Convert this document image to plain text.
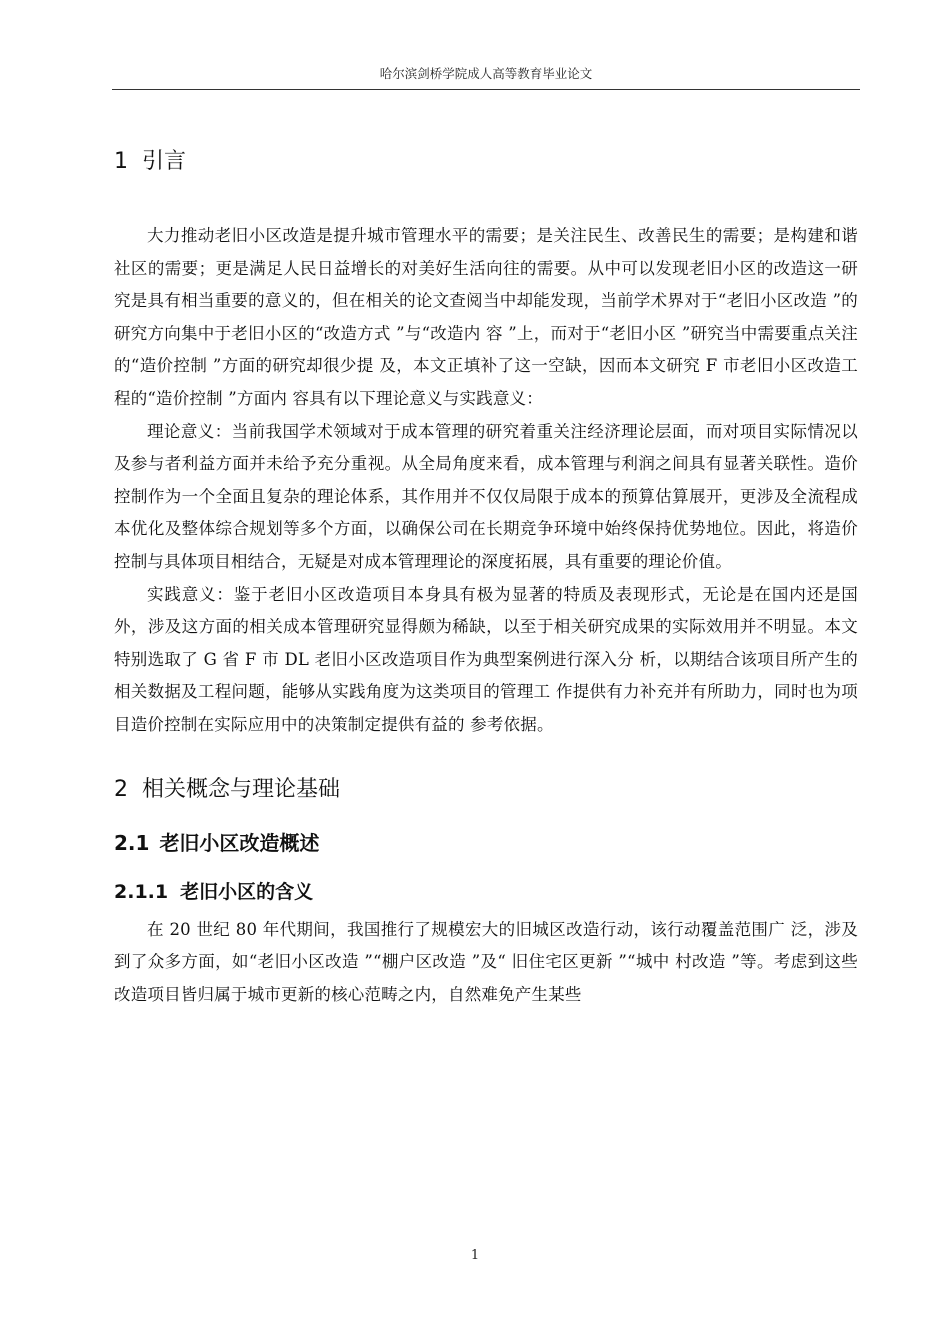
哈尔滨剑桥学院成人高等教育毕业论文
1 引言

大力推动老旧小区改造是提升城市管理水平的需要；是关注民生、改善民生的需要；是构建和谐社区的需要；更是满足人民日益增长的对美好生活向往的需要。从中可以发现老旧小区的改造这一研究是具有相当重要的意义的，但在相关的论文查阅当中却能发现，当前学术界对于“老旧小区改造 ”的研究方向集中于老旧小区的“改造方式 ”与“改造内 容 ”上，而对于“老旧小区 ”研究当中需要重点关注的“造价控制 ”方面的研究却很少提 及，本文正填补了这一空缺，因而本文研究 F 市老旧小区改造工程的“造价控制 ”方面内 容具有以下理论意义与实践意义：

理论意义：当前我国学术领域对于成本管理的研究着重关注经济理论层面，而对项目实际情况以及参与者利益方面并未给予充分重视。从全局角度来看，成本管理与利润之间具有显著关联性。造价控制作为一个全面且复杂的理论体系，其作用并不仅仅局限于成本的预算估算展开，更涉及全流程成本优化及整体综合规划等多个方面，以确保公司在长期竞争环境中始终保持优势地位。因此，将造价控制与具体项目相结合，无疑是对成本管理理论的深度拓展，具有重要的理论价值。

实践意义：鉴于老旧小区改造项目本身具有极为显著的特质及表现形式，无论是在国内还是国外，涉及这方面的相关成本管理研究显得颇为稀缺，以至于相关研究成果的实际效用并不明显。本文特别选取了 G 省 F 市 DL 老旧小区改造项目作为典型案例进行深入分 析，以期结合该项目所产生的相关数据及工程问题，能够从实践角度为这类项目的管理工 作提供有力补充并有所助力，同时也为项目造价控制在实际应用中的决策制定提供有益的 参考依据。

2 相关概念与理论基础
2.1 老旧小区改造概述
2.1.1 老旧小区的含义

在 20 世纪 80 年代期间，我国推行了规模宏大的旧城区改造行动，该行动覆盖范围广 泛，涉及到了众多方面，如“老旧小区改造 ”“棚户区改造 ”及“ 旧住宅区更新 ”“城中 村改造 ”等。考虑到这些改造项目皆归属于城市更新的核心范畴之内，自然难免产生某些

1
